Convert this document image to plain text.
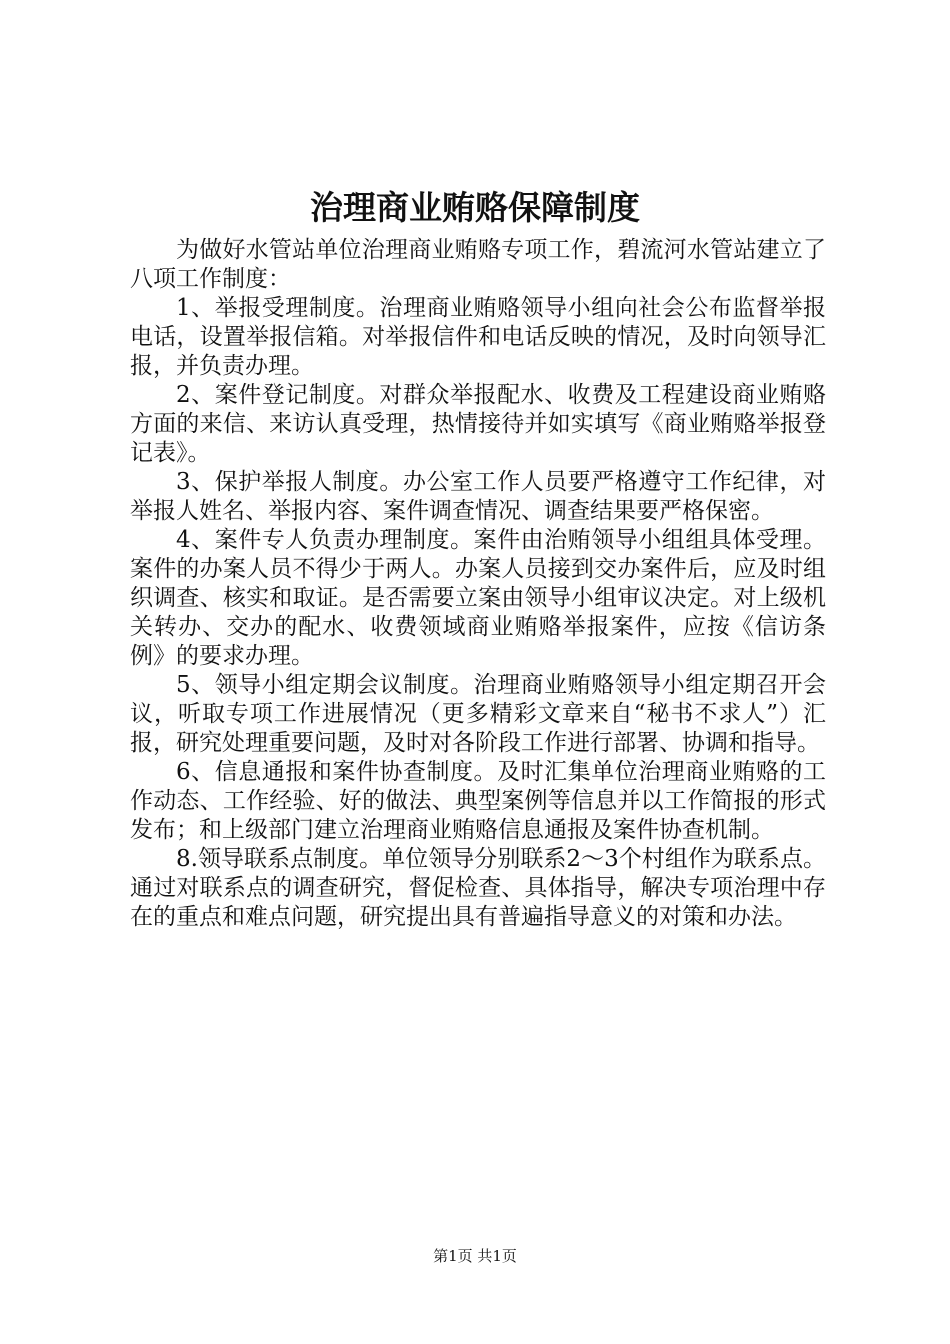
治理商业贿赂保障制度

为做好水管站单位治理商业贿赂专项工作，碧流河水管站建立了八项工作制度：

1、举报受理制度。治理商业贿赂领导小组向社会公布监督举报电话，设置举报信箱。对举报信件和电话反映的情况，及时向领导汇报，并负责办理。

2、案件登记制度。对群众举报配水、收费及工程建设商业贿赂方面的来信、来访认真受理，热情接待并如实填写《商业贿赂举报登记表》。

3、保护举报人制度。办公室工作人员要严格遵守工作纪律，对举报人姓名、举报内容、案件调查情况、调查结果要严格保密。

4、案件专人负责办理制度。案件由治贿领导小组组具体受理。案件的办案人员不得少于两人。办案人员接到交办案件后，应及时组织调查、核实和取证。是否需要立案由领导小组审议决定。对上级机关转办、交办的配水、收费领域商业贿赂举报案件，应按《信访条例》的要求办理。

5、领导小组定期会议制度。治理商业贿赂领导小组定期召开会议，听取专项工作进展情况（更多精彩文章来自“秘书不求人”）汇报，研究处理重要问题，及时对各阶段工作进行部署、协调和指导。

6、信息通报和案件协查制度。及时汇集单位治理商业贿赂的工作动态、工作经验、好的做法、典型案例等信息并以工作简报的形式发布；和上级部门建立治理商业贿赂信息通报及案件协查机制。

8.领导联系点制度。单位领导分别联系2～3个村组作为联系点。通过对联系点的调查研究，督促检查、具体指导，解决专项治理中存在的重点和难点问题，研究提出具有普遍指导意义的对策和办法。

第1页 共1页
